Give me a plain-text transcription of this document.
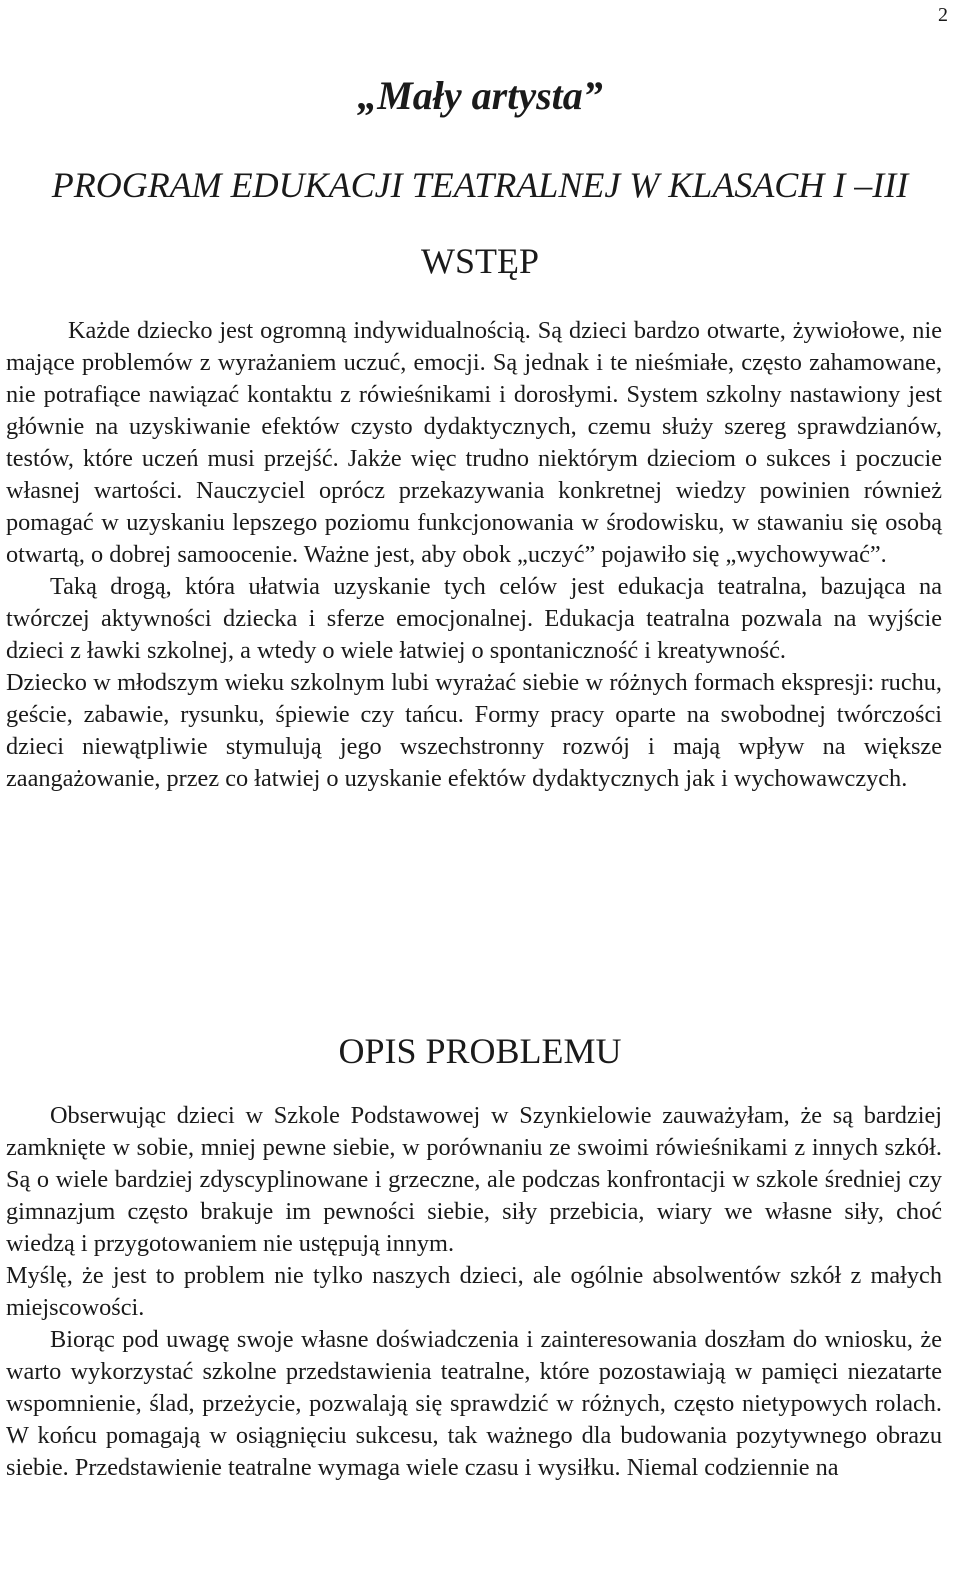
2
„Mały artysta”
PROGRAM EDUKACJI TEATRALNEJ W KLASACH I –III
WSTĘP

Każde dziecko jest ogromną indywidualnością. Są dzieci bardzo otwarte, żywiołowe, nie mające problemów z wyrażaniem uczuć, emocji. Są jednak i te nieśmiałe, często zahamowane, nie potrafiące nawiązać kontaktu z rówieśnikami i dorosłymi. System szkolny nastawiony jest głównie na uzyskiwanie efektów czysto dydaktycznych, czemu służy szereg sprawdzianów, testów, które uczeń musi przejść. Jakże więc trudno niektórym dzieciom o sukces i poczucie własnej wartości. Nauczyciel oprócz przekazywania konkretnej wiedzy powinien również pomagać w uzyskaniu lepszego poziomu funkcjonowania w środowisku, w stawaniu się osobą otwartą, o dobrej samoocenie. Ważne jest, aby obok „uczyć” pojawiło się „wychowywać”.

Taką drogą, która ułatwia uzyskanie tych celów jest edukacja teatralna, bazująca na twórczej aktywności dziecka i sferze emocjonalnej. Edukacja teatralna pozwala na wyjście dzieci z ławki szkolnej, a wtedy o wiele łatwiej o spontaniczność i kreatywność.

Dziecko w młodszym wieku szkolnym lubi wyrażać siebie w różnych formach ekspresji: ruchu, geście, zabawie, rysunku, śpiewie czy tańcu. Formy pracy oparte na swobodnej twórczości dzieci niewątpliwie stymulują jego wszechstronny rozwój i mają wpływ na większe zaangażowanie, przez co łatwiej o uzyskanie efektów dydaktycznych jak i wychowawczych.

OPIS PROBLEMU

Obserwując dzieci w Szkole Podstawowej w Szynkielowie zauważyłam, że są bardziej zamknięte w sobie, mniej pewne siebie, w porównaniu ze swoimi rówieśnikami z innych szkół. Są o wiele bardziej zdyscyplinowane i grzeczne, ale podczas konfrontacji w szkole średniej czy gimnazjum często brakuje im pewności siebie, siły przebicia, wiary we własne siły, choć wiedzą i przygotowaniem nie ustępują innym.

Myślę, że jest to problem nie tylko naszych dzieci, ale ogólnie absolwentów szkół z małych miejscowości.

Biorąc pod uwagę swoje własne doświadczenia i zainteresowania doszłam do wniosku, że warto wykorzystać szkolne przedstawienia teatralne, które pozostawiają w pamięci niezatarte wspomnienie, ślad, przeżycie, pozwalają się sprawdzić w różnych, często nietypowych rolach. W końcu pomagają w osiągnięciu sukcesu, tak ważnego dla budowania pozytywnego obrazu siebie. Przedstawienie teatralne wymaga wiele czasu i wysiłku. Niemal codziennie na
